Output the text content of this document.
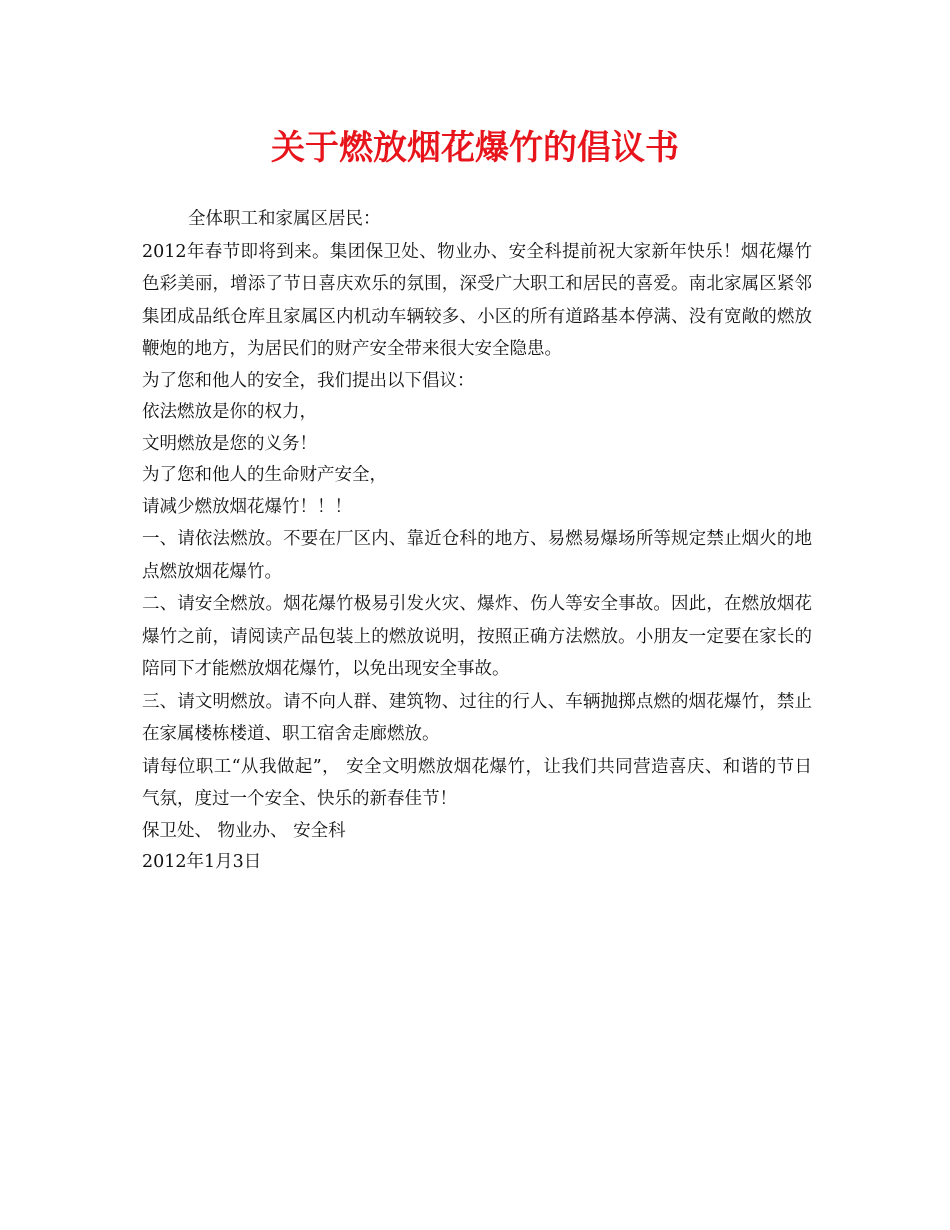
关于燃放烟花爆竹的倡议书

全体职工和家属区居民：

2012年春节即将到来。集团保卫处、物业办、安全科提前祝大家新年快乐！烟花爆竹色彩美丽，增添了节日喜庆欢乐的氛围，深受广大职工和居民的喜爱。南北家属区紧邻集团成品纸仓库且家属区内机动车辆较多、小区的所有道路基本停满、没有宽敞的燃放鞭炮的地方，为居民们的财产安全带来很大安全隐患。

为了您和他人的安全，我们提出以下倡议：

依法燃放是你的权力，

文明燃放是您的义务！

为了您和他人的生命财产安全，

请减少燃放烟花爆竹！！！

一、请依法燃放。不要在厂区内、靠近仓科的地方、易燃易爆场所等规定禁止烟火的地点燃放烟花爆竹。

二、请安全燃放。烟花爆竹极易引发火灾、爆炸、伤人等安全事故。因此，在燃放烟花爆竹之前，请阅读产品包装上的燃放说明，按照正确方法燃放。小朋友一定要在家长的陪同下才能燃放烟花爆竹，以免出现安全事故。

三、请文明燃放。请不向人群、建筑物、过往的行人、车辆抛掷点燃的烟花爆竹，禁止在家属楼栋楼道、职工宿舍走廊燃放。

请每位职工“从我做起”， 安全文明燃放烟花爆竹，让我们共同营造喜庆、和谐的节日气氛，度过一个安全、快乐的新春佳节！

保卫处、 物业办、 安全科

2012年1月3日
